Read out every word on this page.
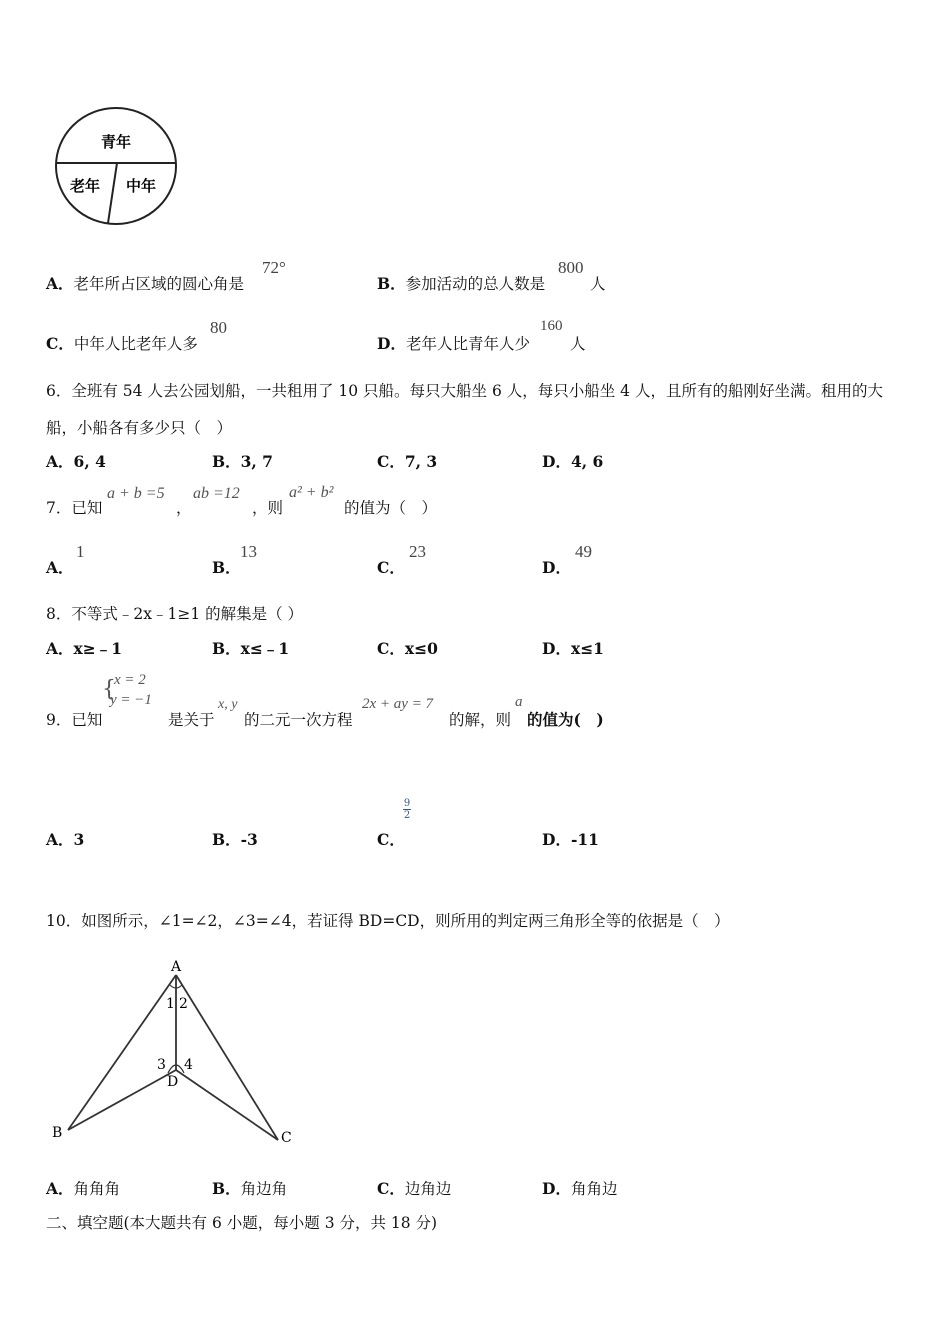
青年
老年 中年
A．老年所占区域的圆心角是
72°
B．参加活动的总人数是
800
人
C．中年人比老年人多
80
D．老年人比青年人少
160
人
6．全班有 54 人去公园划船，一共租用了 10 只船。每只大船坐 6 人，每只小船坐 4 人，且所有的船刚好坐满。租用的大
船，小船各有多少只（　）
A．6, 4	B．3, 7	C．7, 3	D．4, 6
7．已知
a + b =5
，
ab =12
，则
a² + b²
的值为（　）
A．
1
B．
13
C．
23
D．
49
8．不等式﹣2x﹣1≥1 的解集是（ ）
A．x≥﹣1	B．x≤﹣1	C．x≤0	D．x≤1
9．已知
{
x = 2
y = −1
是关于
x, y
的二元一次方程
2x + ay = 7
的解，则
a
的值为(　)
A．3	B．-3	C．
9
2
D．-11
10．如图所示，∠1=∠2，∠3=∠4，若证得 BD=CD，则所用的判定两三角形全等的依据是（　）
A
B	C
D
1 2
3 4
A．角角角	B．角边角	C．边角边	D．角角边
二、填空题(本大题共有 6 小题，每小题 3 分，共 18 分)
